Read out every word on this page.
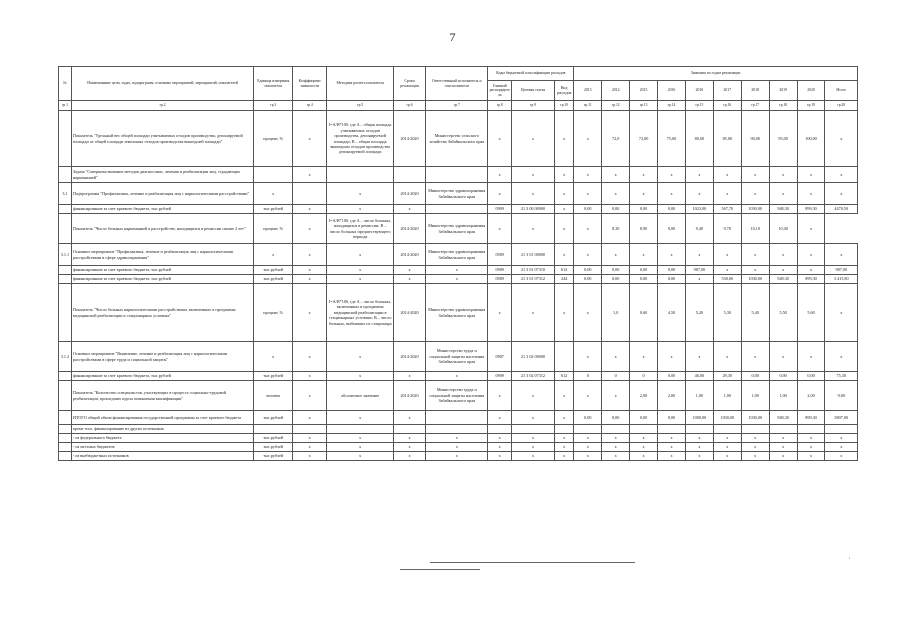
7
№	Наименование цели, задач, подпрограмм, основных мероприятий, мероприятий, показателей	Единица измерения показателя	Коэффициент значимости	Методика расчета показателя	Сроки реализации	Ответственный исполнитель и соисполнители	Коды бюджетной классификации расходов			Значения по годам реализации									
							Главный распорядитель	Целевая статья	Вид расходов	2013	2014	2015	2016	2016	2017	2018	2019	2020	Итого
гр.1	гр.2	гр.3	гр.4	гр.5	гр.6	гр.7	гр.8	гр.9	гр.10	гр.11	гр.12	гр.13	гр.14	гр.15	гр.16	гр.17	гр.18	гр.19	гр.20
	Показатель "Удельный вес общей площади учитываемых отходов производства, депонируемой площади от общей площади земельных отходов производства вышедшей площади"	процент, %	х	I=A/B*100, где A – общая площадь учитываемых отходов производства, депонируемой площади; B – общая площадь вышедших отходов производства депонируемой площади	2014-2020	Министерство сельского хозяйства Забайкальского края	х	х	х	х	72,0	72,00	75,00	80,00	85,00	90,00	95,00	100,00	х
	Задача "Совершенствование методов диагностики, лечения и реабилитации лиц, страдающих наркоманией"		х				х	х	х	х	х	х	х	х	х	х	х	х	х
3.1	Подпрограмма "Профилактика, лечение и реабилитация лиц с наркологическими расстройствами"	х		х	2014-2020	Министерство здравоохранения Забайкальского края	х	х	х	х	х	х	х	х	х	х	х	х	х
	финансирование за счет краевого бюджета, тыс.рублей	тыс.рублей	х	х	х		0909	21 3 00 00000	х	0,00	0,00	0,00	0,00	1023,00	567,70	1030,00	948,30	899,30	4470,50
	Показатель "Число больных наркоманией в расстройстве, находящихся в ремиссии свыше 2 лет"	процент, %	х	I=A/B*100, где A – число больных, находящихся в ремиссии; B – число больных предшествующего периода	2014-2020	Министерство здравоохранения Забайкальского края	х	х	х	х	8,30	8,90	9,00	9,40	9,70	10,10	10,40	х	
3.1.1	Основное мероприятие "Профилактика, лечение и реабилитация лиц с наркологическими расстройствами в сфере здравоохранения"	х	х	х	2014-2020	Министерство здравоохранения Забайкальского края	0909	21 3 01 00000	х	х	х	х	х	х	х	х	х	х	х
	финансирование за счет краевого бюджета, тыс.рублей	тыс.рублей	х	х	х	х	0909	21 3 01 07310	612	0,00	0,00	0,00	0,00	987,00	х	х	х	х	987,00
	финансирование за счет краевого бюджета, тыс.рублей	тыс.рублей	х	х	х	х	0909	21 3 01 07312	244	0,00	0,00	0,00	0,00	х	530,00	1030,00	948,30	899,30	3 415,80
	Показатель "Число больных наркологическими расстройствами, включенных в программы медицинской реабилитации в стационарных условиях"	процент, %	х	I=A/B*100, где A – число больных, включенных в программы медицинской реабилитации в стационарных условиях; B – число больных, выбывших из стационара	2014-2020	Министерство здравоохранения Забайкальского края	х	х	х	х	1,0	0,60	4,50	5,20	5,30	5,40	5,50	5,60	х
3.1.2	Основное мероприятие "Выявление, лечение и реабилитация лиц с наркологическими расстройствами в сфере труда и социальной защиты"	х	х	х	2014-2020	Министерство труда и социальной защиты населения Забайкальского края	0907	21 3 02 00000		х	х	х	х	х	х	х	х	х	х
	финансирование за счет краевого бюджета, тыс.рублей	тыс.рублей	х	х	х	х	0909	21 3 02 07312	612	0	0	0	0,00	46,00	29,30	0,00	0,00	0,00	75,30
	Показатель "Количество специалистов, участвующих в процессе социально-трудовой реабилитации, прошедших курсы повышения квалификации"	человек	х	абсолютное значение	2014-2020	Министерство труда и социальной защиты населения Забайкальского края	х	х	х	х	х	2,00	2,00	1,00	1,00	1,00	1,00	2,00	9,00
	ИТОГО общий объем финансирования государственной программы за счет краевого бюджета	тыс.рублей	х	х	х		х	х	х	0,00	0,00	0,00	0,00	1000,00	1030,00	1030,00	948,30	899,30	5807,00
	кроме того, финансирование из других источников																		
	- из федерального бюджета	тыс.рублей	х	х	х	х	х	х	х	х	х	х	х	х	х	х	х	х	х
	- из местных бюджетов	тыс.рублей	х	х	х	х	х	х	х	х	х	х	х	х	х	х	х	х	х
	- из внебюджетных источников	тыс.рублей	х	х	х	х	х	х	х	х	х	х	х	х	х	х	х	х	х
,
